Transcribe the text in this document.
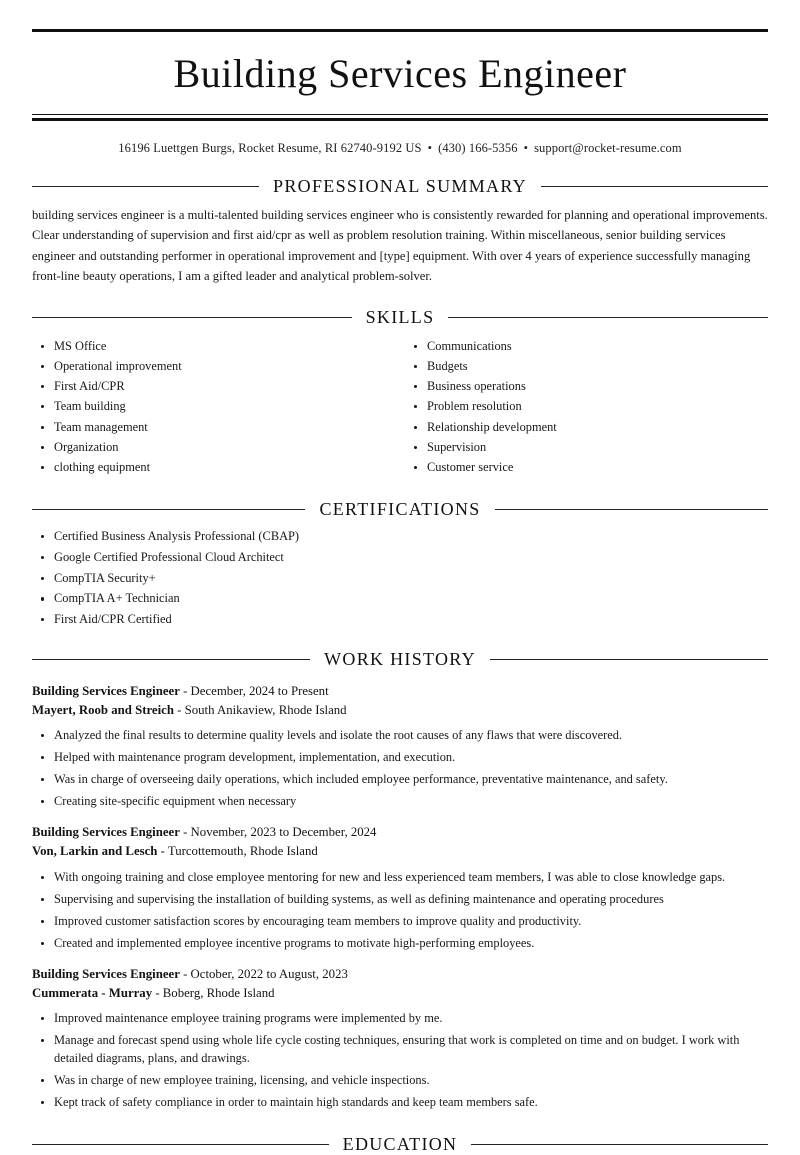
Building Services Engineer
16196 Luettgen Burgs, Rocket Resume, RI 62740-9192 US • (430) 166-5356 • support@rocket-resume.com
PROFESSIONAL SUMMARY

building services engineer is a multi-talented building services engineer who is consistently rewarded for planning and operational improvements. Clear understanding of supervision and first aid/cpr as well as problem resolution training. Within miscellaneous, senior building services engineer and outstanding performer in operational improvement and [type] equipment. With over 4 years of experience successfully managing front-line beauty operations, I am a gifted leader and analytical problem-solver.

SKILLS
MS Office
Operational improvement
First Aid/CPR
Team building
Team management
Organization
clothing equipment
Communications
Budgets
Business operations
Problem resolution
Relationship development
Supervision
Customer service
CERTIFICATIONS
Certified Business Analysis Professional (CBAP)
Google Certified Professional Cloud Architect
CompTIA Security+
CompTIA A+ Technician
First Aid/CPR Certified
WORK HISTORY
Building Services Engineer - December, 2024 to Present
Mayert, Roob and Streich - South Anikaview, Rhode Island
Analyzed the final results to determine quality levels and isolate the root causes of any flaws that were discovered.
Helped with maintenance program development, implementation, and execution.
Was in charge of overseeing daily operations, which included employee performance, preventative maintenance, and safety.
Creating site-specific equipment when necessary
Building Services Engineer - November, 2023 to December, 2024
Von, Larkin and Lesch - Turcottemouth, Rhode Island
With ongoing training and close employee mentoring for new and less experienced team members, I was able to close knowledge gaps.
Supervising and supervising the installation of building systems, as well as defining maintenance and operating procedures
Improved customer satisfaction scores by encouraging team members to improve quality and productivity.
Created and implemented employee incentive programs to motivate high-performing employees.
Building Services Engineer - October, 2022 to August, 2023
Cummerata - Murray - Boberg, Rhode Island
Improved maintenance employee training programs were implemented by me.
Manage and forecast spend using whole life cycle costing techniques, ensuring that work is completed on time and on budget. I work with detailed diagrams, plans, and drawings.
Was in charge of new employee training, licensing, and vehicle inspections.
Kept track of safety compliance in order to maintain high standards and keep team members safe.
EDUCATION
